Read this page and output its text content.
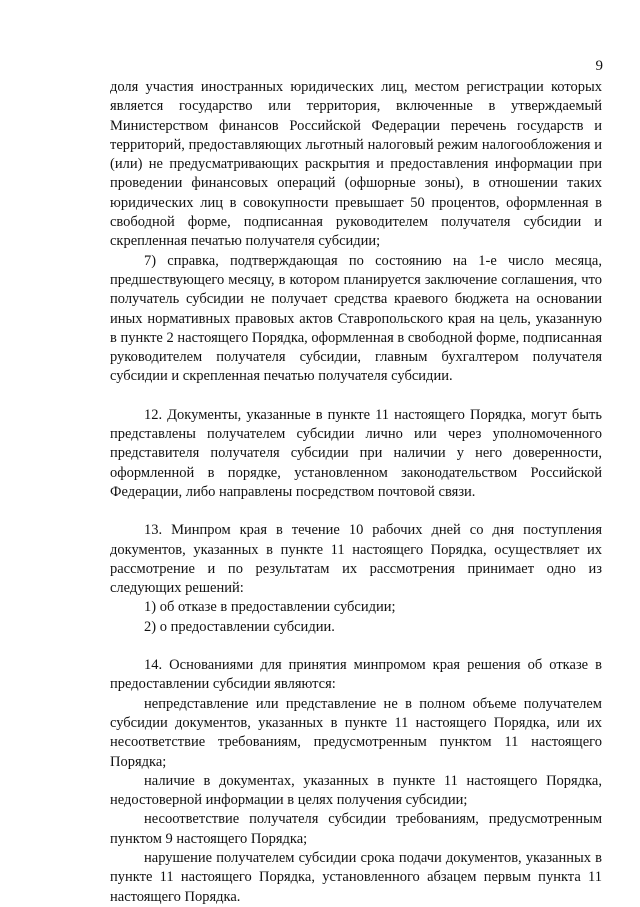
9

доля участия иностранных юридических лиц, местом регистрации которых является государство или территория, включенные в утверждаемый Министерством финансов Российской Федерации перечень государств и территорий, предоставляющих льготный налоговый режим налогообложения и (или) не предусматривающих раскрытия и предоставления информации при проведении финансовых операций (офшорные зоны), в отношении таких юридических лиц в совокупности превышает 50 процентов, оформленная в свободной форме, подписанная руководителем получателя субсидии и скрепленная печатью получателя субсидии;

7) справка, подтверждающая по состоянию на 1-е число месяца, предшествующего месяцу, в котором планируется заключение соглашения, что получатель субсидии не получает средства краевого бюджета на основании иных нормативных правовых актов Ставропольского края на цель, указанную в пункте 2 настоящего Порядка, оформленная в свободной форме, подписанная руководителем получателя субсидии, главным бухгалтером получателя субсидии и скрепленная печатью получателя субсидии.

12. Документы, указанные в пункте 11 настоящего Порядка, могут быть представлены получателем субсидии лично или через уполномоченного представителя получателя субсидии при наличии у него доверенности, оформленной в порядке, установленном законодательством Российской Федерации, либо направлены посредством почтовой связи.

13. Минпром края в течение 10 рабочих дней со дня поступления документов, указанных в пункте 11 настоящего Порядка, осуществляет их рассмотрение и по результатам их рассмотрения принимает одно из следующих решений:

1) об отказе в предоставлении субсидии;

2) о предоставлении субсидии.

14. Основаниями для принятия минпромом края решения об отказе в предоставлении субсидии являются:

непредставление или представление не в полном объеме получателем субсидии документов, указанных в пункте 11 настоящего Порядка, или их несоответствие требованиям, предусмотренным пунктом 11 настоящего Порядка;

наличие в документах, указанных в пункте 11 настоящего Порядка, недостоверной информации в целях получения субсидии;

несоответствие получателя субсидии требованиям, предусмотренным пунктом 9 настоящего Порядка;

нарушение получателем субсидии срока подачи документов, указанных в пункте 11 настоящего Порядка, установленного абзацем первым пункта 11 настоящего Порядка.
